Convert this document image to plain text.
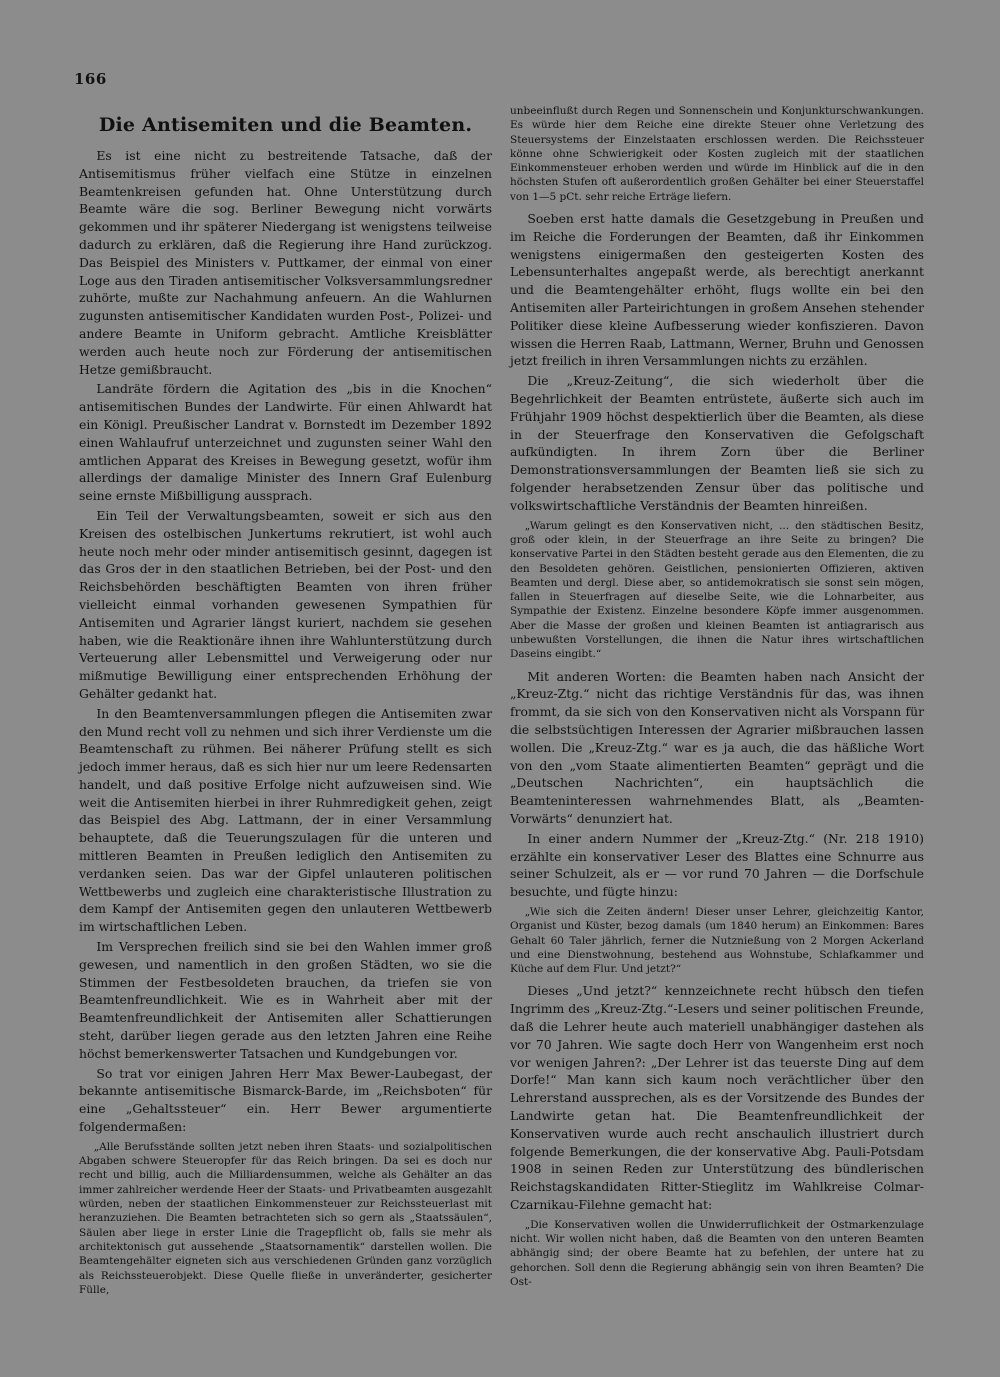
166
Die Antisemiten und die Beamten.

Es ist eine nicht zu bestreitende Tatsache, daß der Antisemitismus früher vielfach eine Stütze in einzelnen Beamtenkreisen gefunden hat. Ohne Unterstützung durch Beamte wäre die sog. Berliner Bewegung nicht vorwärts gekommen und ihr späterer Niedergang ist wenigstens teilweise dadurch zu erklären, daß die Regierung ihre Hand zurückzog. Das Beispiel des Ministers v. Puttkamer, der einmal von einer Loge aus den Tiraden antisemitischer Volksversammlungsredner zuhörte, mußte zur Nachahmung anfeuern. An die Wahlurnen zugunsten antisemitischer Kandidaten wurden Post-, Polizei- und andere Beamte in Uniform gebracht. Amtliche Kreisblätter werden auch heute noch zur Förderung der antisemitischen Hetze gemißbraucht.

Landräte fördern die Agitation des „bis in die Knochen“ antisemitischen Bundes der Landwirte. Für einen Ahlwardt hat ein Königl. Preußischer Landrat v. Bornstedt im Dezember 1892 einen Wahlaufruf unterzeichnet und zugunsten seiner Wahl den amtlichen Apparat des Kreises in Bewegung gesetzt, wofür ihm allerdings der damalige Minister des Innern Graf Eulenburg seine ernste Mißbilligung aussprach.

Ein Teil der Verwaltungsbeamten, soweit er sich aus den Kreisen des ostelbischen Junkertums rekrutiert, ist wohl auch heute noch mehr oder minder antisemitisch gesinnt, dagegen ist das Gros der in den staatlichen Betrieben, bei der Post- und den Reichsbehörden beschäftigten Beamten von ihren früher vielleicht einmal vorhanden gewesenen Sympathien für Antisemiten und Agrarier längst kuriert, nachdem sie gesehen haben, wie die Reaktionäre ihnen ihre Wahlunterstützung durch Verteuerung aller Lebensmittel und Verweigerung oder nur mißmutige Bewilligung einer entsprechenden Erhöhung der Gehälter gedankt hat.

In den Beamtenversammlungen pflegen die Antisemiten zwar den Mund recht voll zu nehmen und sich ihrer Verdienste um die Beamtenschaft zu rühmen. Bei näherer Prüfung stellt es sich jedoch immer heraus, daß es sich hier nur um leere Redensarten handelt, und daß positive Erfolge nicht aufzuweisen sind. Wie weit die Antisemiten hierbei in ihrer Ruhmredigkeit gehen, zeigt das Beispiel des Abg. Lattmann, der in einer Versammlung behauptete, daß die Teuerungszulagen für die unteren und mittleren Beamten in Preußen lediglich den Antisemiten zu verdanken seien. Das war der Gipfel unlauteren politischen Wettbewerbs und zugleich eine charakteristische Illustration zu dem Kampf der Antisemiten gegen den unlauteren Wettbewerb im wirtschaftlichen Leben.

Im Versprechen freilich sind sie bei den Wahlen immer groß gewesen, und namentlich in den großen Städten, wo sie die Stimmen der Festbesoldeten brauchen, da triefen sie von Beamtenfreundlichkeit. Wie es in Wahrheit aber mit der Beamtenfreundlichkeit der Antisemiten aller Schattierungen steht, darüber liegen gerade aus den letzten Jahren eine Reihe höchst bemerkenswerter Tatsachen und Kundgebungen vor.

So trat vor einigen Jahren Herr Max Bewer-Laubegast, der bekannte antisemitische Bismarck-Barde, im „Reichsboten“ für eine „Gehaltssteuer“ ein. Herr Bewer argumentierte folgendermaßen:

„Alle Berufsstände sollten jetzt neben ihren Staats- und sozialpolitischen Abgaben schwere Steueropfer für das Reich bringen. Da sei es doch nur recht und billig, auch die Milliardensummen, welche als Gehälter an das immer zahlreicher werdende Heer der Staats- und Privatbeamten ausgezahlt würden, neben der staatlichen Einkommensteuer zur Reichssteuerlast mit heranzuziehen. Die Beamten betrachteten sich so gern als „Staatssäulen“, Säulen aber liege in erster Linie die Tragepflicht ob, falls sie mehr als architektonisch gut aussehende „Staatsornamentik“ darstellen wollen. Die Beamtengehälter eigneten sich aus verschiedenen Gründen ganz vorzüglich als Reichssteuerobjekt. Diese Quelle fließe in unveränderter, gesicherter Fülle,

unbeeinflußt durch Regen und Sonnenschein und Konjunkturschwankungen. Es würde hier dem Reiche eine direkte Steuer ohne Verletzung des Steuersystems der Einzelstaaten erschlossen werden. Die Reichssteuer könne ohne Schwierigkeit oder Kosten zugleich mit der staatlichen Einkommensteuer erhoben werden und würde im Hinblick auf die in den höchsten Stufen oft außerordentlich großen Gehälter bei einer Steuerstaffel von 1—5 pCt. sehr reiche Erträge liefern.

Soeben erst hatte damals die Gesetzgebung in Preußen und im Reiche die Forderungen der Beamten, daß ihr Einkommen wenigstens einigermaßen den gesteigerten Kosten des Lebensunterhaltes angepaßt werde, als berechtigt anerkannt und die Beamtengehälter erhöht, flugs wollte ein bei den Antisemiten aller Parteirichtungen in großem Ansehen stehender Politiker diese kleine Aufbesserung wieder konfiszieren. Davon wissen die Herren Raab, Lattmann, Werner, Bruhn und Genossen jetzt freilich in ihren Versammlungen nichts zu erzählen.

Die „Kreuz-Zeitung“, die sich wiederholt über die Begehrlichkeit der Beamten entrüstete, äußerte sich auch im Frühjahr 1909 höchst despektierlich über die Beamten, als diese in der Steuerfrage den Konservativen die Gefolgschaft aufkündigten. In ihrem Zorn über die Berliner Demonstrationsversammlungen der Beamten ließ sie sich zu folgender herabsetzenden Zensur über das politische und volkswirtschaftliche Verständnis der Beamten hinreißen.

„Warum gelingt es den Konservativen nicht, ... den städtischen Besitz, groß oder klein, in der Steuerfrage an ihre Seite zu bringen? Die konservative Partei in den Städten besteht gerade aus den Elementen, die zu den Besoldeten gehören. Geistlichen, pensionierten Offizieren, aktiven Beamten und dergl. Diese aber, so antidemokratisch sie sonst sein mögen, fallen in Steuerfragen auf dieselbe Seite, wie die Lohnarbeiter, aus Sympathie der Existenz. Einzelne besondere Köpfe immer ausgenommen. Aber die Masse der großen und kleinen Beamten ist antiagrarisch aus unbewußten Vorstellungen, die ihnen die Natur ihres wirtschaftlichen Daseins eingibt.“

Mit anderen Worten: die Beamten haben nach Ansicht der „Kreuz-Ztg.“ nicht das richtige Verständnis für das, was ihnen frommt, da sie sich von den Konservativen nicht als Vorspann für die selbstsüchtigen Interessen der Agrarier mißbrauchen lassen wollen. Die „Kreuz-Ztg.“ war es ja auch, die das häßliche Wort von den „vom Staate alimentierten Beamten“ geprägt und die „Deutschen Nachrichten“, ein hauptsächlich die Beamteninteressen wahrnehmendes Blatt, als „Beamten-Vorwärts“ denunziert hat.

In einer andern Nummer der „Kreuz-Ztg.“ (Nr. 218 1910) erzählte ein konservativer Leser des Blattes eine Schnurre aus seiner Schulzeit, als er — vor rund 70 Jahren — die Dorfschule besuchte, und fügte hinzu:

„Wie sich die Zeiten ändern! Dieser unser Lehrer, gleichzeitig Kantor, Organist und Küster, bezog damals (um 1840 herum) an Einkommen: Bares Gehalt 60 Taler jährlich, ferner die Nutznießung von 2 Morgen Ackerland und eine Dienstwohnung, bestehend aus Wohnstube, Schlafkammer und Küche auf dem Flur. Und jetzt?“

Dieses „Und jetzt?“ kennzeichnete recht hübsch den tiefen Ingrimm des „Kreuz-Ztg.“-Lesers und seiner politischen Freunde, daß die Lehrer heute auch materiell unabhängiger dastehen als vor 70 Jahren. Wie sagte doch Herr von Wangenheim erst noch vor wenigen Jahren?: „Der Lehrer ist das teuerste Ding auf dem Dorfe!“ Man kann sich kaum noch verächtlicher über den Lehrerstand aussprechen, als es der Vorsitzende des Bundes der Landwirte getan hat. Die Beamtenfreundlichkeit der Konservativen wurde auch recht anschaulich illustriert durch folgende Bemerkungen, die der konservative Abg. Pauli-Potsdam 1908 in seinen Reden zur Unterstützung des bündlerischen Reichstagskandidaten Ritter-Stieglitz im Wahlkreise Colmar-Czarnikau-Filehne gemacht hat:

„Die Konservativen wollen die Unwiderruflichkeit der Ostmarkenzulage nicht. Wir wollen nicht haben, daß die Beamten von den unteren Beamten abhängig sind; der obere Beamte hat zu befehlen, der untere hat zu gehorchen. Soll denn die Regierung abhängig sein von ihren Beamten? Die Ost-
